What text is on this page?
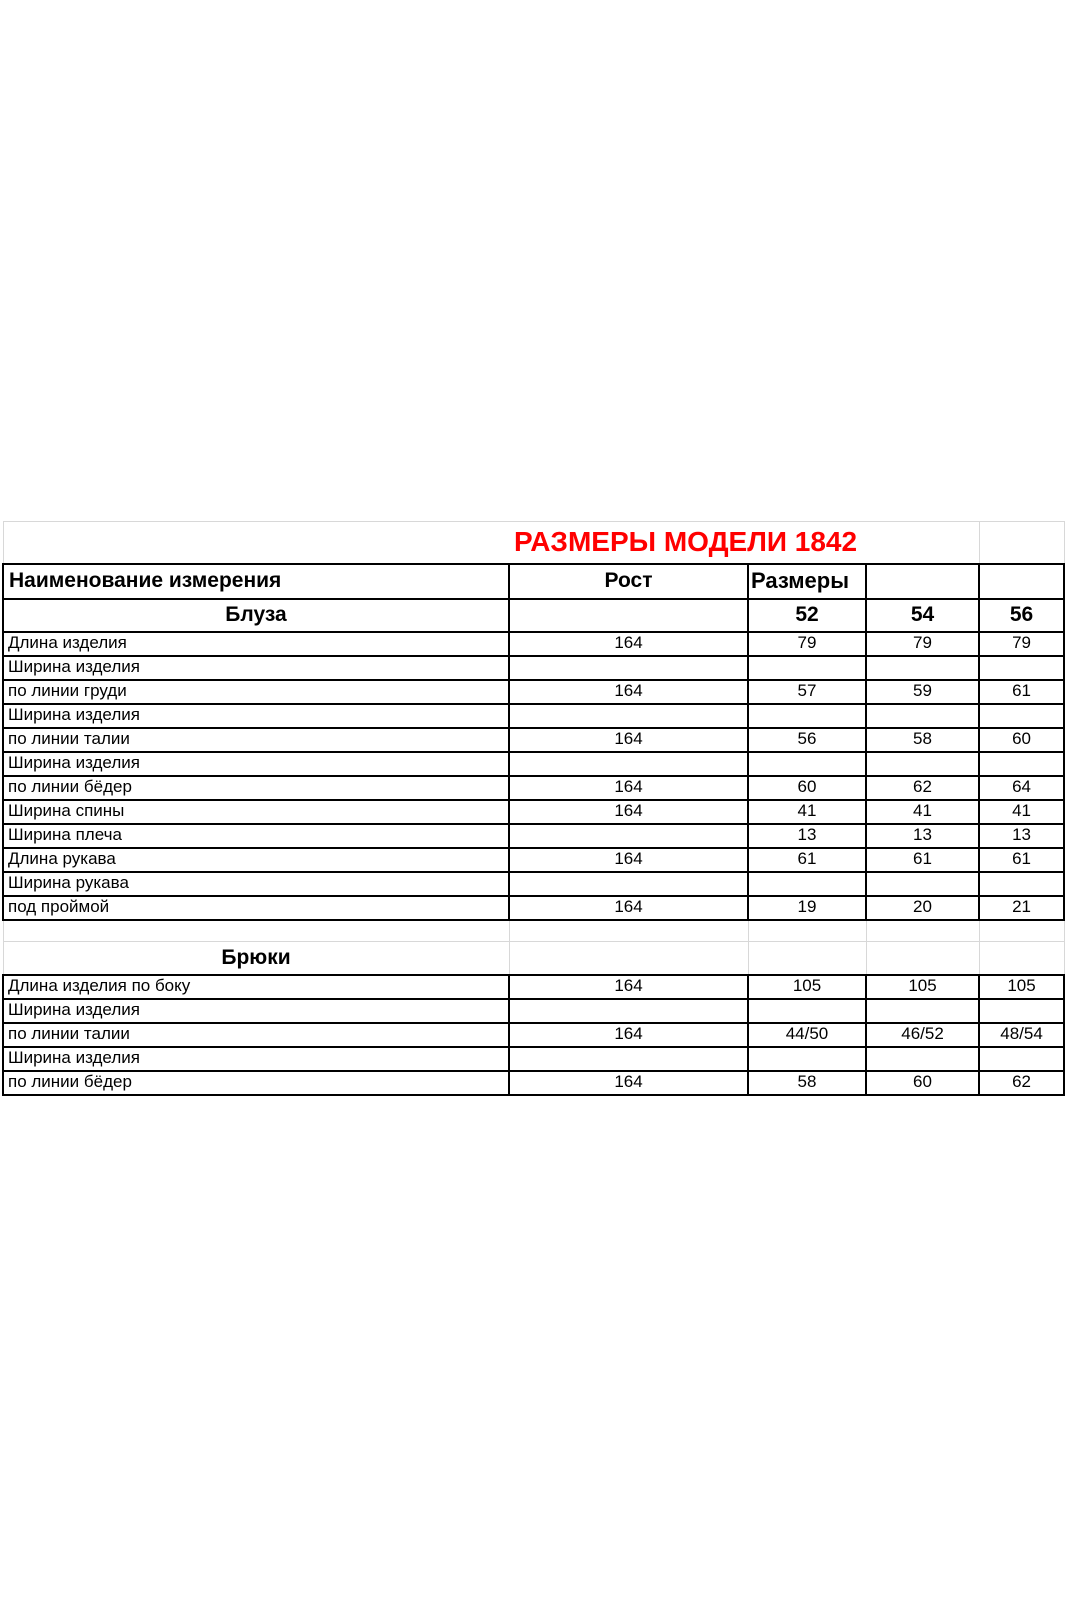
	РАЗМЕРЫ МОДЕЛИ 1842			
Наименование измерения	Рост	Размеры		
Блуза		52	54	56
Длина изделия	164	79	79	79
Ширина изделия				
по линии груди	164	57	59	61
Ширина изделия				
по линии талии	164	56	58	60
Ширина изделия				
по линии бёдер	164	60	62	64
Ширина спины	164	41	41	41
Ширина плеча		13	13	13
Длина рукава	164	61	61	61
Ширина рукава				
под проймой	164	19	20	21

Брюки				
Длина изделия по боку	164	105	105	105
Ширина изделия				
по линии талии	164	44/50	46/52	48/54
Ширина изделия				
по линии бёдер	164	58	60	62
